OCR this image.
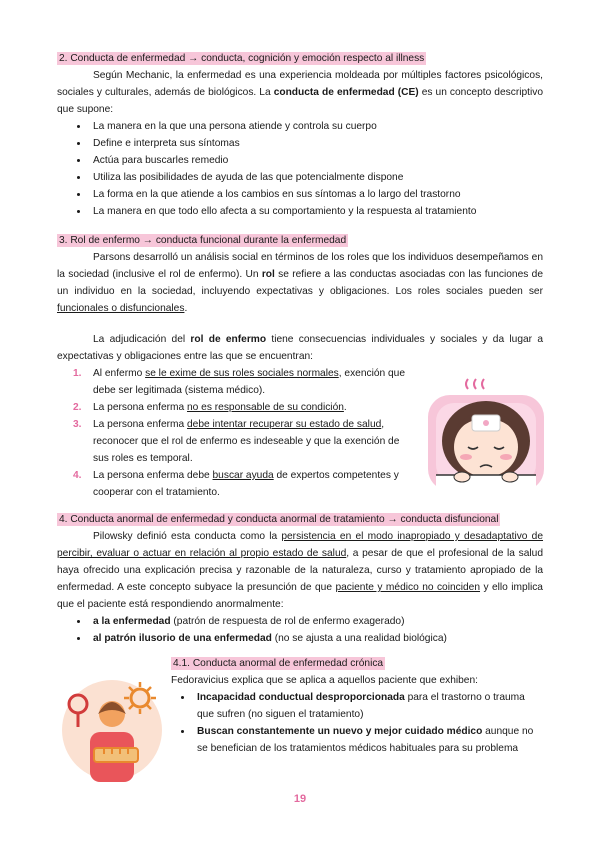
2. Conducta de enfermedad → conducta, cognición y emoción respecto al illness

Según Mechanic, la enfermedad es una experiencia moldeada por múltiples factores psicológicos, sociales y culturales, además de biológicos. La conducta de enfermedad (CE) es un concepto descriptivo que supone:

• La manera en la que una persona atiende y controla su cuerpo
• Define e interpreta sus síntomas
• Actúa para buscarles remedio
• Utiliza las posibilidades de ayuda de las que potencialmente dispone
• La forma en la que atiende a los cambios en sus síntomas a lo largo del trastorno
• La manera en que todo ello afecta a su comportamiento y la respuesta al tratamiento
3. Rol de enfermo → conducta funcional durante la enfermedad

Parsons desarrolló un análisis social en términos de los roles que los individuos desempeñamos en la sociedad (inclusive el rol de enfermo). Un rol se refiere a las conductas asociadas con las funciones de un individuo en la sociedad, incluyendo expectativas y obligaciones. Los roles sociales pueden ser funcionales o disfuncionales.

La adjudicación del rol de enfermo tiene consecuencias individuales y sociales y da lugar a expectativas y obligaciones entre las que se encuentran:

1. Al enfermo se le exime de sus roles sociales normales, exención que debe ser legitimada (sistema médico).
2. La persona enferma no es responsable de su condición.
3. La persona enferma debe intentar recuperar su estado de salud, reconocer que el rol de enfermo es indeseable y que la exención de sus roles es temporal.
4. La persona enferma debe buscar ayuda de expertos competentes y cooperar con el tratamiento.
4. Conducta anormal de enfermedad y conducta anormal de tratamiento → conducta disfuncional

Pilowsky definió esta conducta como la persistencia en el modo inapropiado y desadaptativo de percibir, evaluar o actuar en relación al propio estado de salud, a pesar de que el profesional de la salud haya ofrecido una explicación precisa y razonable de la naturaleza, curso y tratamiento apropiado de la enfermedad. A este concepto subyace la presunción de que paciente y médico no coinciden y ello implica que el paciente está respondiendo anormalmente:

• a la enfermedad (patrón de respuesta de rol de enfermo exagerado)
• al patrón ilusorio de una enfermedad (no se ajusta a una realidad biológica)
4.1. Conducta anormal de enfermedad crónica

Fedoravicius explica que se aplica a aquellos paciente que exhiben:

• Incapacidad conductual desproporcionada para el trastorno o trauma que sufren (no siguen el tratamiento)
• Buscan constantemente un nuevo y mejor cuidado médico aunque no se benefician de los tratamientos médicos habituales para su problema
19
